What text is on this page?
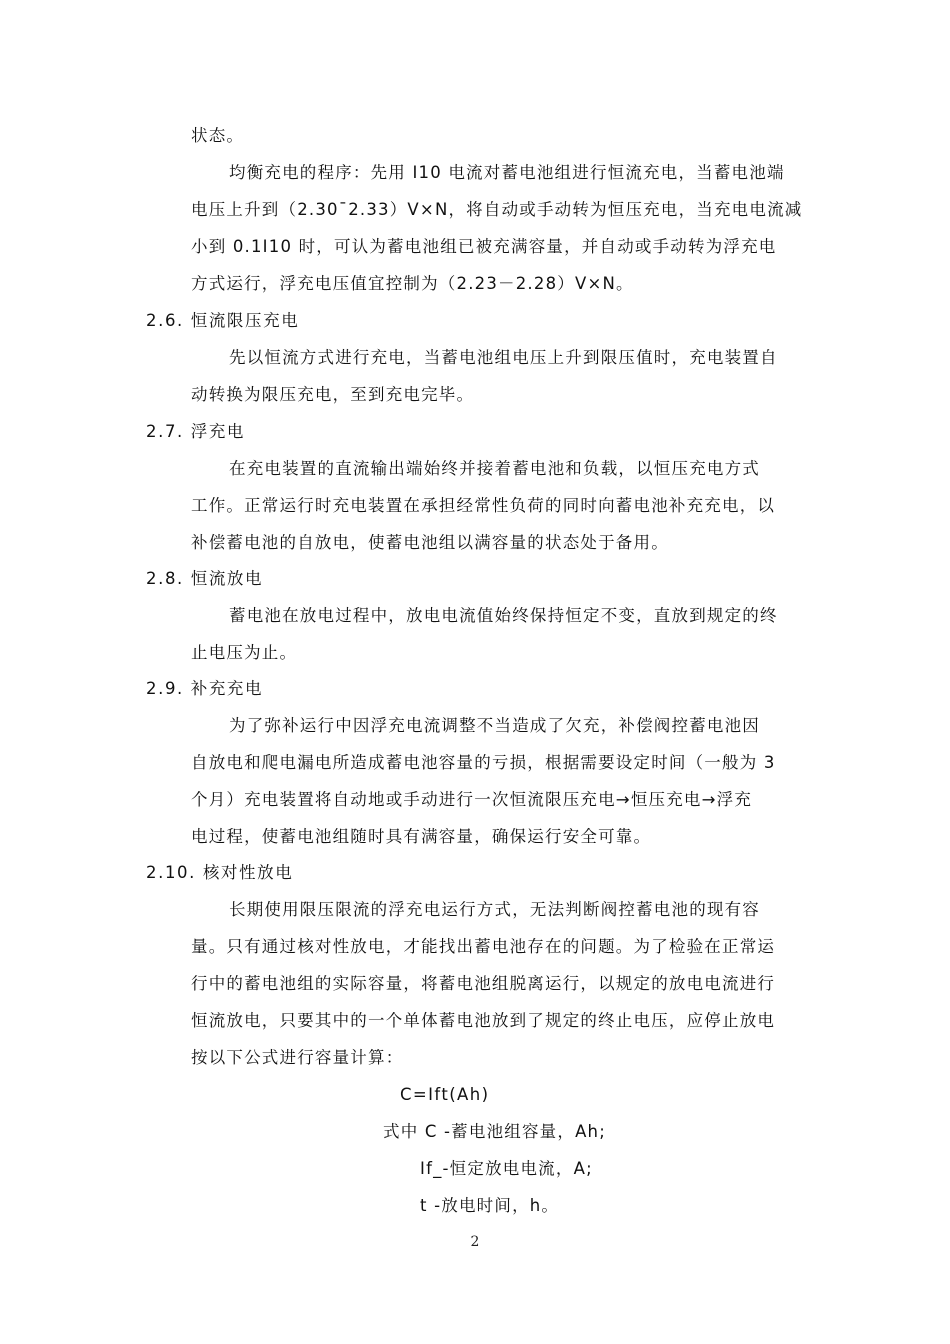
状态。
均衡充电的程序：先用 I10 电流对蓄电池组进行恒流充电，当蓄电池端
电压上升到（2.30¯2.33）V×N，将自动或手动转为恒压充电，当充电电流减
小到 0.1I10 时，可认为蓄电池组已被充满容量，并自动或手动转为浮充电
方式运行，浮充电压值宜控制为（2.23－2.28）V×N。
2.6. 恒流限压充电
先以恒流方式进行充电，当蓄电池组电压上升到限压值时，充电装置自
动转换为限压充电，至到充电完毕。
2.7. 浮充电
在充电装置的直流输出端始终并接着蓄电池和负载，以恒压充电方式
工作。正常运行时充电装置在承担经常性负荷的同时向蓄电池补充充电，以
补偿蓄电池的自放电，使蓄电池组以满容量的状态处于备用。
2.8. 恒流放电
蓄电池在放电过程中，放电电流值始终保持恒定不变，直放到规定的终
止电压为止。
2.9. 补充充电
为了弥补运行中因浮充电流调整不当造成了欠充，补偿阀控蓄电池因
自放电和爬电漏电所造成蓄电池容量的亏损，根据需要设定时间（一般为 3
个月）充电装置将自动地或手动进行一次恒流限压充电→恒压充电→浮充
电过程，使蓄电池组随时具有满容量，确保运行安全可靠。
2.10. 核对性放电
长期使用限压限流的浮充电运行方式，无法判断阀控蓄电池的现有容
量。只有通过核对性放电，才能找出蓄电池存在的问题。为了检验在正常运
行中的蓄电池组的实际容量，将蓄电池组脱离运行，以规定的放电电流进行
恒流放电，只要其中的一个单体蓄电池放到了规定的终止电压，应停止放电
按以下公式进行容量计算：
C=Ift(Ah)
式中 C -蓄电池组容量，Ah;
If_-恒定放电电流，A;
t -放电时间，h。
2
